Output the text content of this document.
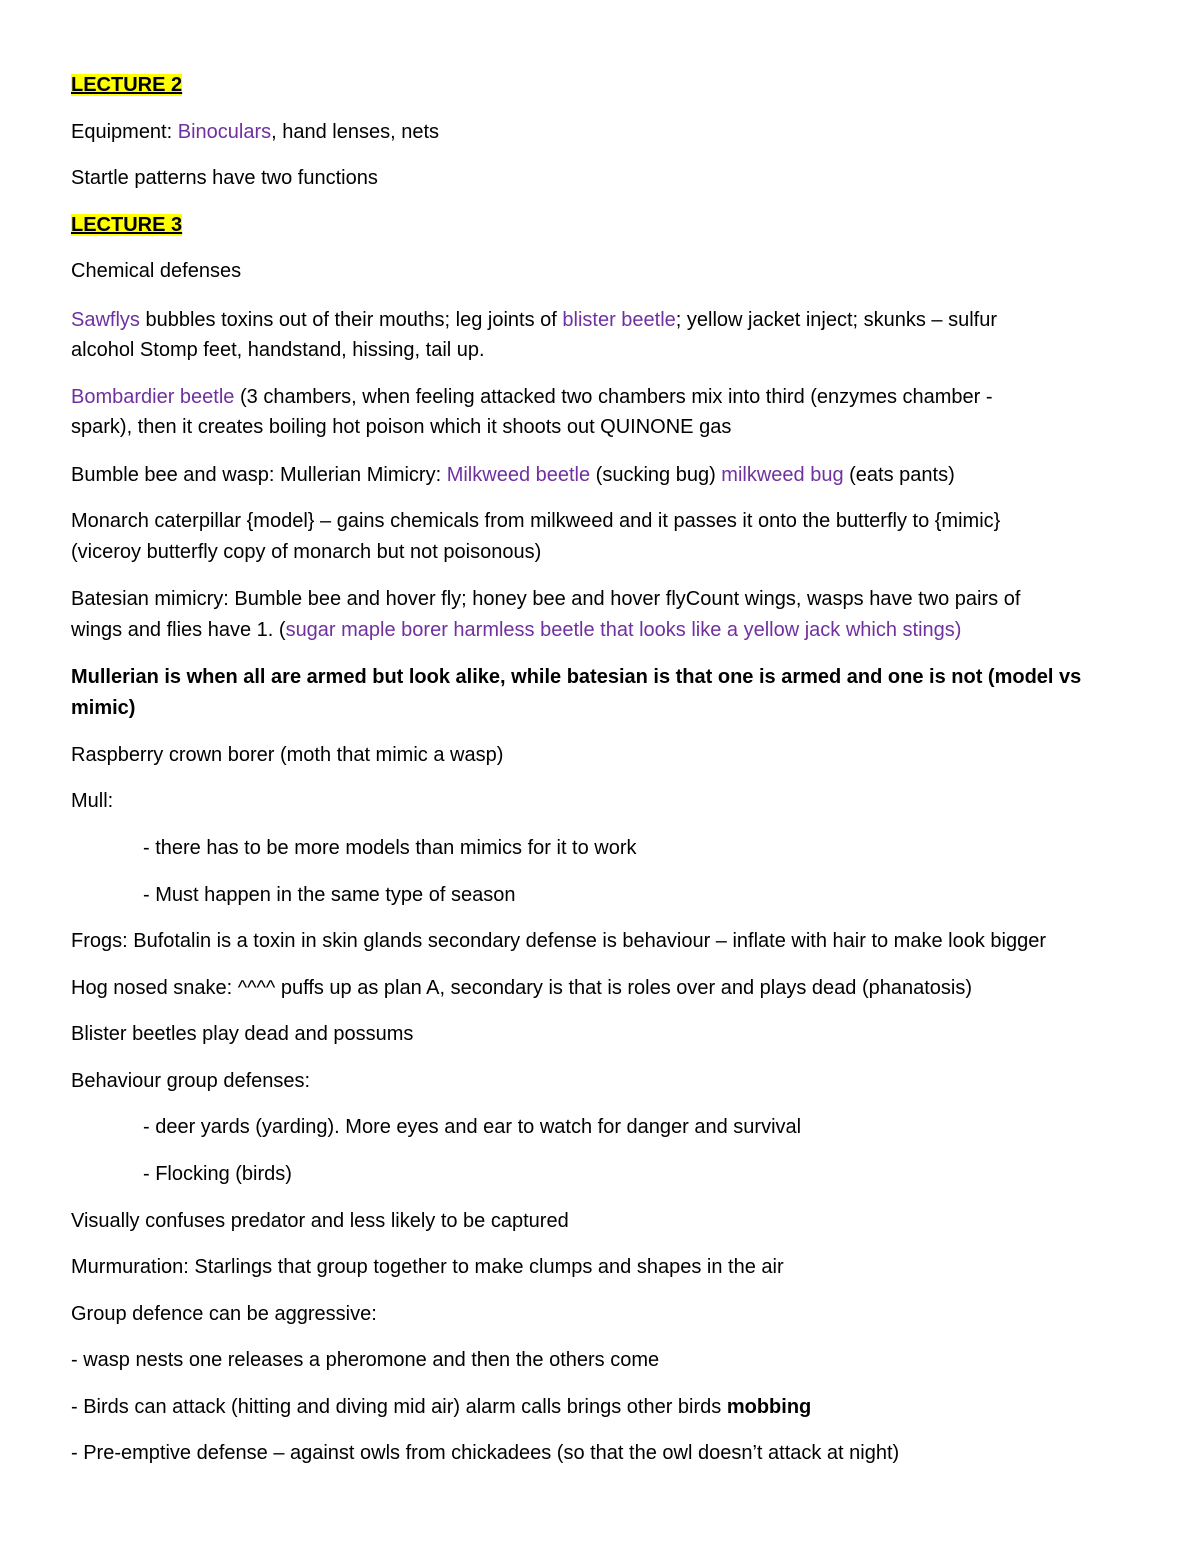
LECTURE 2
Equipment: Binoculars, hand lenses, nets
Startle patterns have two functions
LECTURE 3
Chemical defenses
Sawflys bubbles toxins out of their mouths; leg joints of blister beetle; yellow jacket inject; skunks – sulfur
alcohol Stomp feet, handstand, hissing, tail up.
Bombardier beetle (3 chambers, when feeling attacked two chambers mix into third (enzymes chamber -
spark), then it creates boiling hot poison which it shoots out QUINONE gas
Bumble bee and wasp: Mullerian Mimicry: Milkweed beetle (sucking bug) milkweed bug (eats pants)
Monarch caterpillar {model} – gains chemicals from milkweed and it passes it onto the butterfly to {mimic}
(viceroy butterfly copy of monarch but not poisonous)
Batesian mimicry: Bumble bee and hover fly; honey bee and hover flyCount wings, wasps have two pairs of
wings and flies have 1. (sugar maple borer harmless beetle that looks like a yellow jack which stings)
Mullerian is when all are armed but look alike, while batesian is that one is armed and one is not (model vs
mimic)
Raspberry crown borer (moth that mimic a wasp)
Mull:
- there has to be more models than mimics for it to work
- Must happen in the same type of season
Frogs: Bufotalin is a toxin in skin glands secondary defense is behaviour – inflate with hair to make look bigger
Hog nosed snake: ^^^^ puffs up as plan A, secondary is that is roles over and plays dead (phanatosis)
Blister beetles play dead and possums
Behaviour group defenses:
- deer yards (yarding). More eyes and ear to watch for danger and survival
- Flocking (birds)
Visually confuses predator and less likely to be captured
Murmuration: Starlings that group together to make clumps and shapes in the air
Group defence can be aggressive:
- wasp nests one releases a pheromone and then the others come
- Birds can attack (hitting and diving mid air) alarm calls brings other birds mobbing
- Pre-emptive defense – against owls from chickadees (so that the owl doesn’t attack at night)
